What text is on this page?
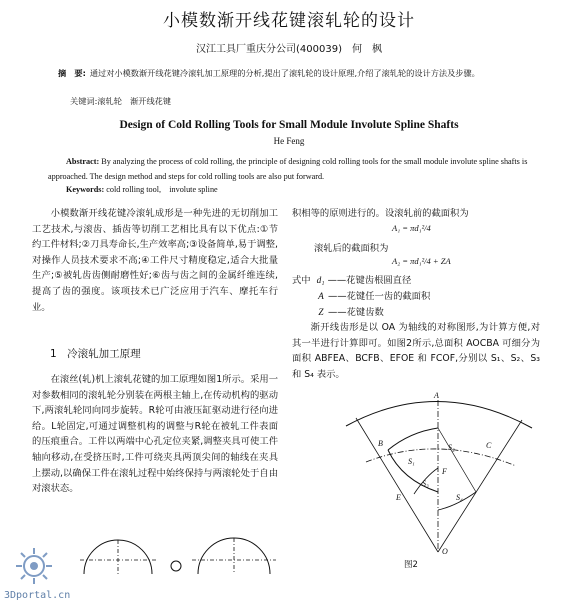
小模数渐开线花键滚轧轮的设计
汉江工具厂重庆分公司(400039)　何　枫
摘　要: 通过对小模数渐开线花键冷滚轧加工原理的分析,提出了滚轧轮的设计原理,介绍了滚轧轮的设计方法及步骤。
关键词:滚轧轮　渐开线花键
Design of Cold Rolling Tools for Small Module Involute Spline Shafts
He Feng
Abstract: By analyzing the process of cold rolling, the principle of designing cold rolling tools for the small module involute spline shafts is approached. The design method and steps for cold rolling tools are also put forward.
Keywords: cold rolling tool,　involute spline

小模数渐开线花键冷滚轧成形是一种先进的无切削加工工艺技术,与滚齿、插齿等切削工艺相比具有以下优点:①节约工件材料;②刀具寿命长,生产效率高;③设备简单,易于调整,对操作人员技术要求不高;④工件尺寸精度稳定,适合大批量生产;⑤被轧齿齿侧耐磨性好;⑥齿与齿之间的金属纤维连续,提高了齿的强度。该项技术已广泛应用于汽车、摩托车行业。

1　冷滚轧加工原理

在滚丝(轧)机上滚轧花键的加工原理如图1所示。采用一对参数相同的滚轧轮分别装在两根主轴上,在传动机构的驱动下,两滚轧轮同向同步旋转。R轮可由液压缸驱动进行径向进给。L轮固定,可通过调整机构的调整与R轮在被轧工件表面的压痕重合。工件以两端中心孔定位夹紧,调整夹具可使工件轴向移动,在受挤压时,工件可绕夹具两顶尖间的轴线在夹具上摆动,以确保工件在滚轧过程中始终保持与两滚轮处于自由对滚状态。

积相等的原则进行的。设滚轧前的截面积为
A₁ = πd₁²/4
滚轧后的截面积为
A₂ = πd₁²/4 + ZA
式中 d₁ ——花键齿根圆直径
A ——花键任一齿的截面积
Z ——花键齿数

渐开线齿形是以 OA 为轴线的对称图形,为计算方便,对其一半进行计算即可。如图2所示,总面积 AOCBA 可细分为面积 ABFEA、BCFB、EFOE 和 FCOF,分别以 S₁、S₂、S₃ 和 S₄ 表示。

A
B	C
E
F
O
S₁
S₂
S₃
S₄
图2
3Dportal.cn
